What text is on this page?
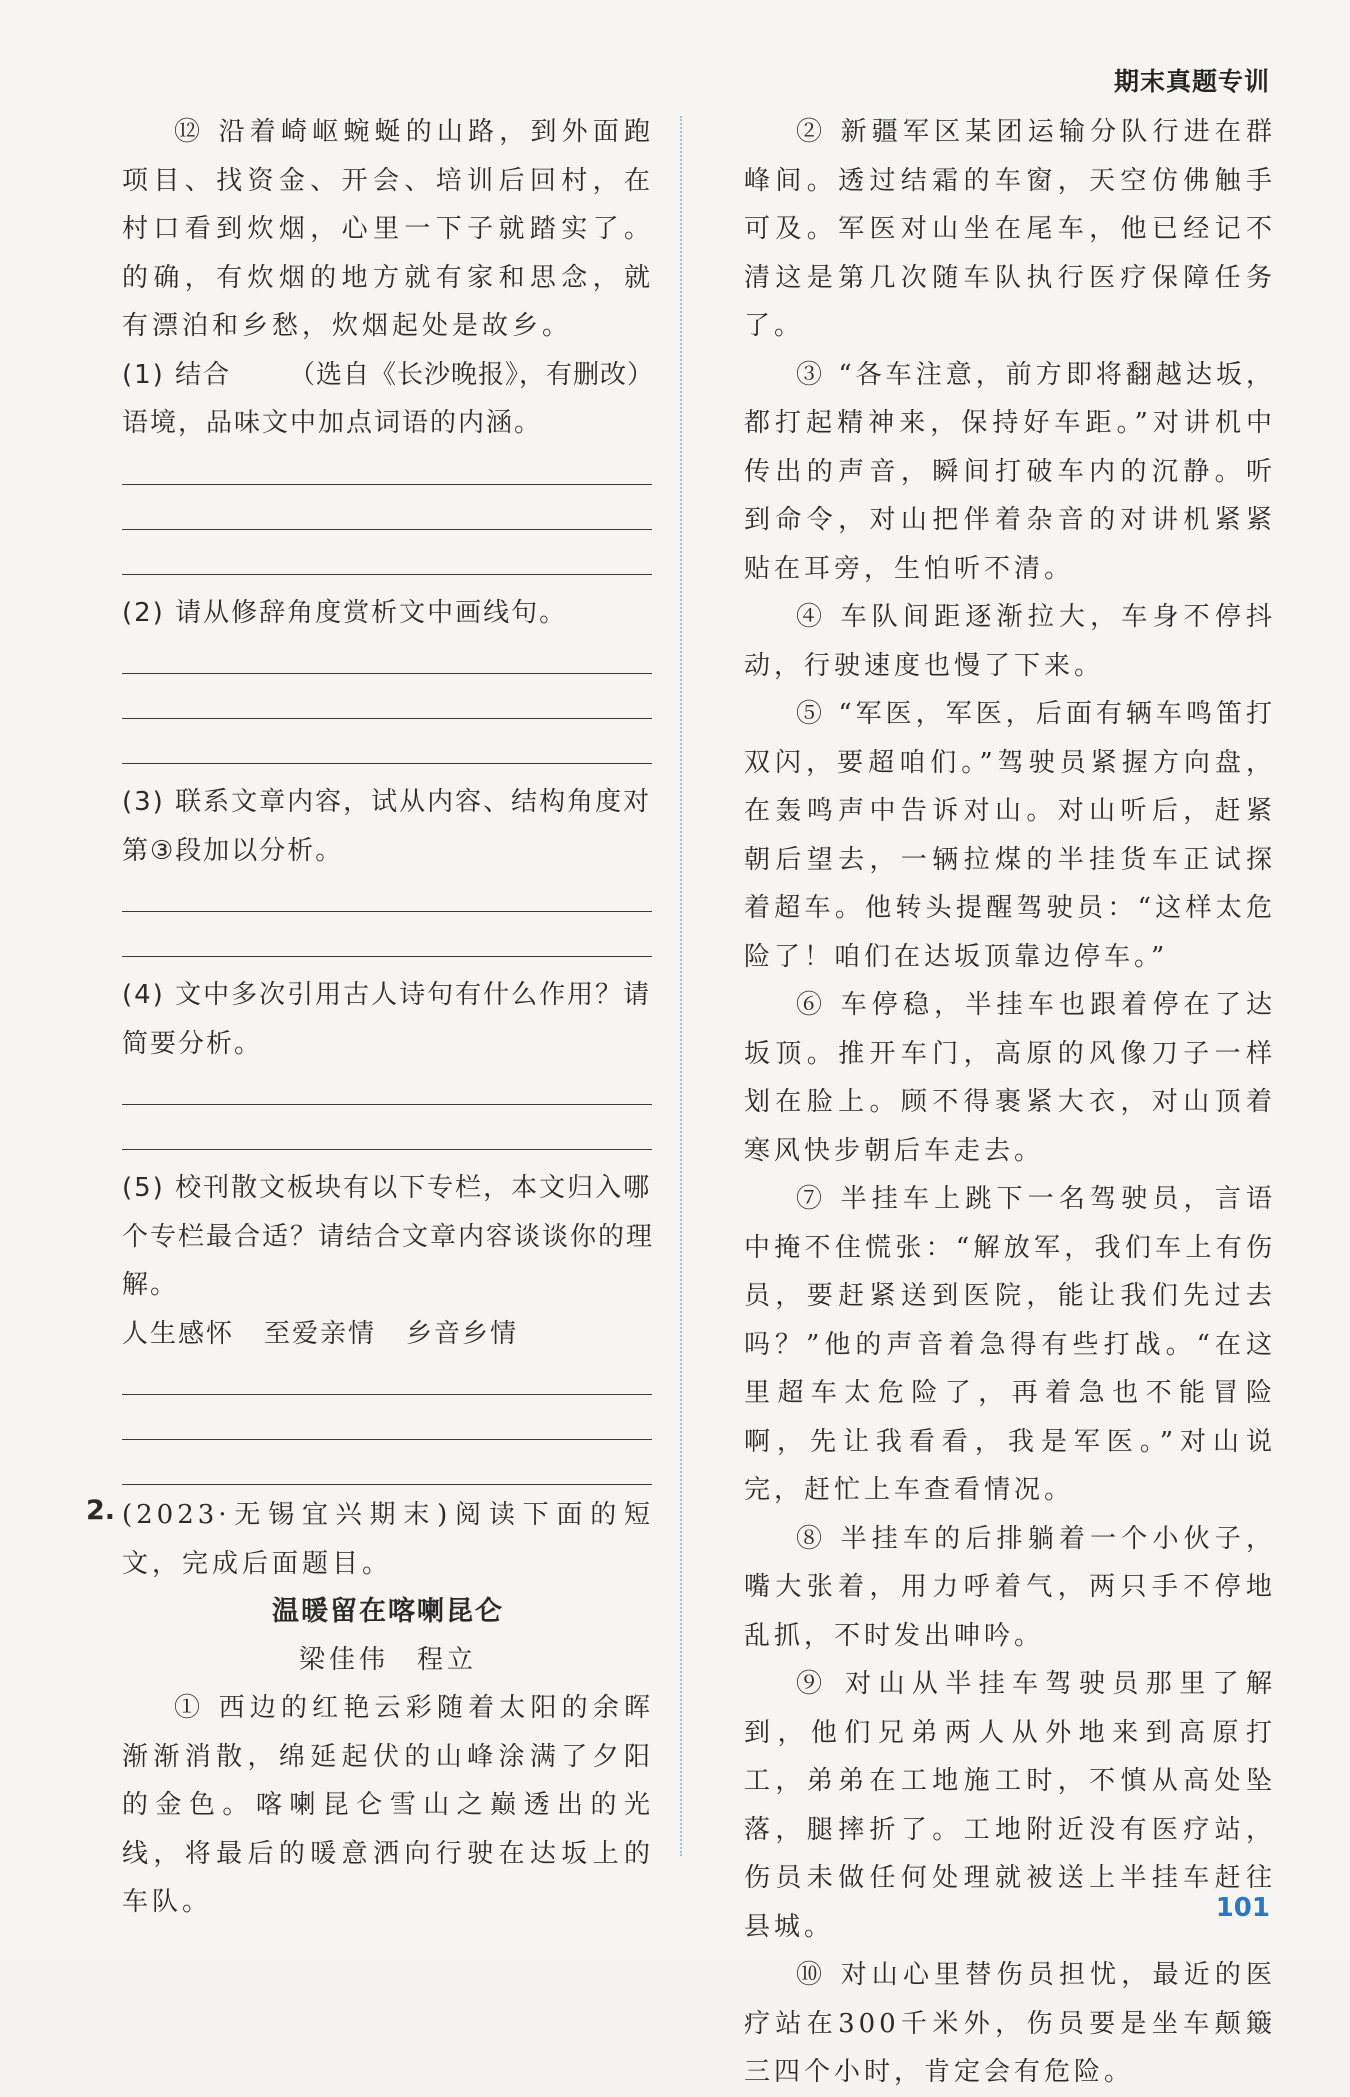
期末真题专训

⑫ 沿着崎岖蜿蜒的山路，到外面跑项目、找资金、开会、培训后回村，在村口看到炊烟，心里一下子就踏实了。的确，有炊烟的地方就有家和思念，就有漂泊和乡愁，炊烟起处是故乡。
（选自《长沙晚报》，有删改）

(1) 结合语境，品味文中加点词语的内涵。

(2) 请从修辞角度赏析文中画线句。

(3) 联系文章内容，试从内容、结构角度对第③段加以分析。

(4) 文中多次引用古人诗句有什么作用？请简要分析。

(5) 校刊散文板块有以下专栏，本文归入哪个专栏最合适？请结合文章内容谈谈你的理解。

人生感怀 至爱亲情 乡音乡情

2. (2023·无锡宜兴期末)阅读下面的短文，完成后面题目。

温暖留在喀喇昆仑

梁佳伟 程立

① 西边的红艳云彩随着太阳的余晖渐渐消散，绵延起伏的山峰涂满了夕阳的金色。喀喇昆仑雪山之巅透出的光线，将最后的暖意洒向行驶在达坂上的车队。

② 新疆军区某团运输分队行进在群峰间。透过结霜的车窗，天空仿佛触手可及。军医对山坐在尾车，他已经记不清这是第几次随车队执行医疗保障任务了。

③ “各车注意，前方即将翻越达坂，都打起精神来，保持好车距。”对讲机中传出的声音，瞬间打破车内的沉静。听到命令，对山把伴着杂音的对讲机紧紧贴在耳旁，生怕听不清。

④ 车队间距逐渐拉大，车身不停抖动，行驶速度也慢了下来。

⑤ “军医，军医，后面有辆车鸣笛打双闪，要超咱们。”驾驶员紧握方向盘，在轰鸣声中告诉对山。对山听后，赶紧朝后望去，一辆拉煤的半挂货车正试探着超车。他转头提醒驾驶员：“这样太危险了！咱们在达坂顶靠边停车。”

⑥ 车停稳，半挂车也跟着停在了达坂顶。推开车门，高原的风像刀子一样划在脸上。顾不得裹紧大衣，对山顶着寒风快步朝后车走去。

⑦ 半挂车上跳下一名驾驶员，言语中掩不住慌张：“解放军，我们车上有伤员，要赶紧送到医院，能让我们先过去吗？”他的声音着急得有些打战。“在这里超车太危险了，再着急也不能冒险啊，先让我看看，我是军医。”对山说完，赶忙上车查看情况。

⑧ 半挂车的后排躺着一个小伙子，嘴大张着，用力呼着气，两只手不停地乱抓，不时发出呻吟。

⑨ 对山从半挂车驾驶员那里了解到，他们兄弟两人从外地来到高原打工，弟弟在工地施工时，不慎从高处坠落，腿摔折了。工地附近没有医疗站，伤员未做任何处理就被送上半挂车赶往县城。

⑩ 对山心里替伤员担忧，最近的医疗站在300千米外，伤员要是坐车颠簸三四个小时，肯定会有危险。

101
